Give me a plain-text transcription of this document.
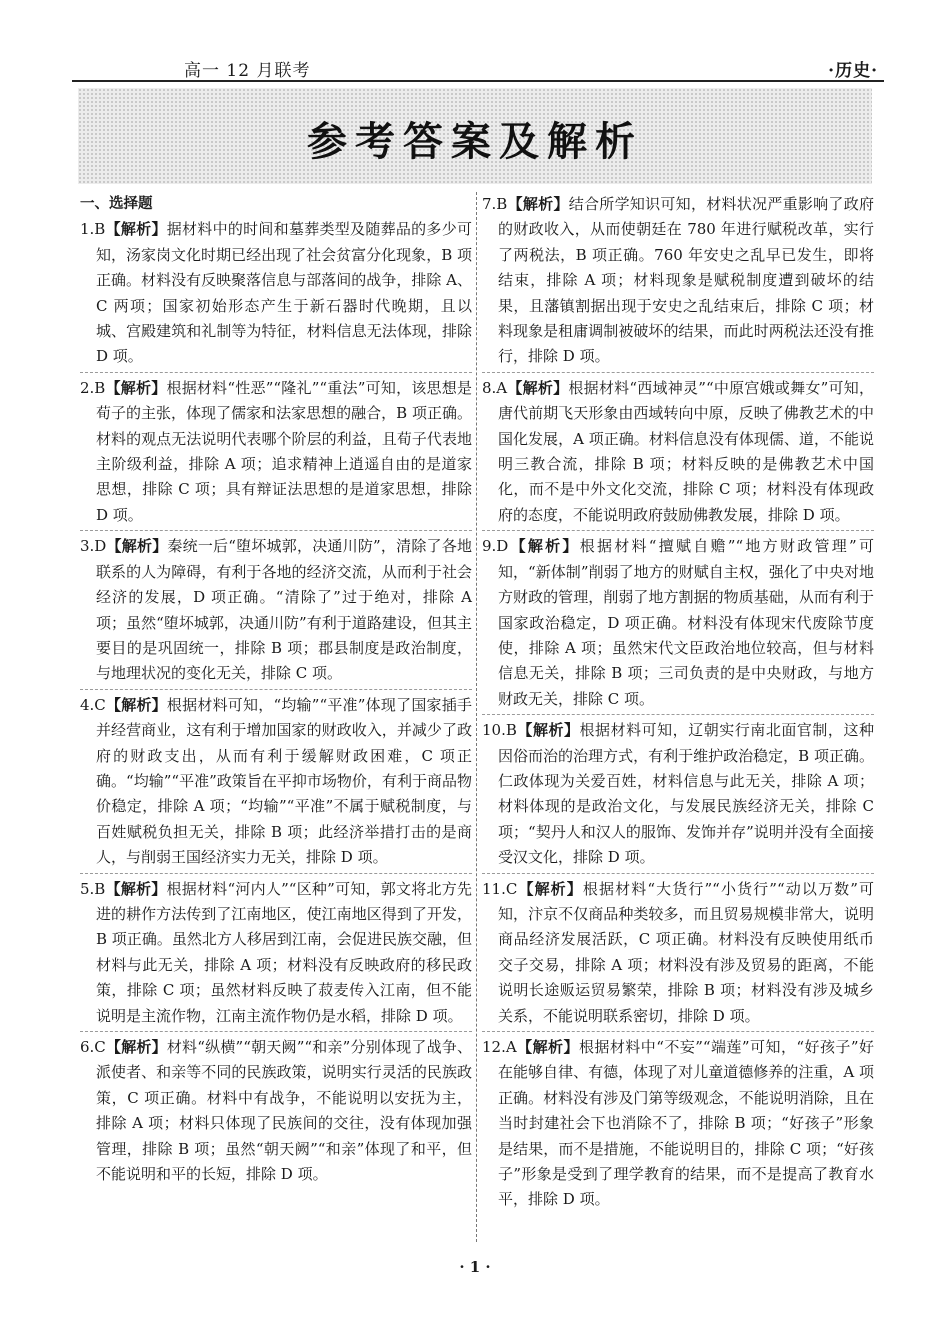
高一 12 月联考	·历史·
参考答案及解析
一、选择题
1.B【解析】据材料中的时间和墓葬类型及随葬品的多少可知，汤家岗文化时期已经出现了社会贫富分化现象，B 项正确。材料没有反映聚落信息与部落间的战争，排除 A、C 两项；国家初始形态产生于新石器时代晚期，且以城、宫殿建筑和礼制等为特征，材料信息无法体现，排除 D 项。
2.B【解析】根据材料“性恶”“隆礼”“重法”可知，该思想是荀子的主张，体现了儒家和法家思想的融合，B 项正确。材料的观点无法说明代表哪个阶层的利益，且荀子代表地主阶级利益，排除 A 项；追求精神上逍遥自由的是道家思想，排除 C 项；具有辩证法思想的是道家思想，排除 D 项。
3.D【解析】秦统一后“堕坏城郭，决通川防”，清除了各地联系的人为障碍，有利于各地的经济交流，从而利于社会经济的发展，D 项正确。“清除了”过于绝对，排除 A 项；虽然“堕坏城郭，决通川防”有利于道路建设，但其主要目的是巩固统一，排除 B 项；郡县制度是政治制度，与地理状况的变化无关，排除 C 项。
4.C【解析】根据材料可知，“均输”“平准”体现了国家插手并经营商业，这有利于增加国家的财政收入，并减少了政府的财政支出，从而有利于缓解财政困难，C 项正确。“均输”“平准”政策旨在平抑市场物价，有利于商品物价稳定，排除 A 项；“均输”“平准”不属于赋税制度，与百姓赋税负担无关，排除 B 项；此经济举措打击的是商人，与削弱王国经济实力无关，排除 D 项。
5.B【解析】根据材料“河内人”“区种”可知，郭文将北方先进的耕作方法传到了江南地区，使江南地区得到了开发，B 项正确。虽然北方人移居到江南，会促进民族交融，但材料与此无关，排除 A 项；材料没有反映政府的移民政策，排除 C 项；虽然材料反映了菽麦传入江南，但不能说明是主流作物，江南主流作物仍是水稻，排除 D 项。
6.C【解析】材料“纵横”“朝天阙”“和亲”分别体现了战争、派使者、和亲等不同的民族政策，说明实行灵活的民族政策，C 项正确。材料中有战争，不能说明以安抚为主，排除 A 项；材料只体现了民族间的交往，没有体现加强管理，排除 B 项；虽然“朝天阙”“和亲”体现了和平，但不能说明和平的长短，排除 D 项。
7.B【解析】结合所学知识可知，材料状况严重影响了政府的财政收入，从而使朝廷在 780 年进行赋税改革，实行了两税法，B 项正确。760 年安史之乱早已发生，即将结束，排除 A 项；材料现象是赋税制度遭到破坏的结果，且藩镇割据出现于安史之乱结束后，排除 C 项；材料现象是租庸调制被破坏的结果，而此时两税法还没有推行，排除 D 项。
8.A【解析】根据材料“西域神灵”“中原宫娥或舞女”可知，唐代前期飞天形象由西域转向中原，反映了佛教艺术的中国化发展，A 项正确。材料信息没有体现儒、道，不能说明三教合流，排除 B 项；材料反映的是佛教艺术中国化，而不是中外文化交流，排除 C 项；材料没有体现政府的态度，不能说明政府鼓励佛教发展，排除 D 项。
9.D【解析】根据材料“擅赋自赡”“地方财政管理”可知，“新体制”削弱了地方的财赋自主权，强化了中央对地方财政的管理，削弱了地方割据的物质基础，从而有利于国家政治稳定，D 项正确。材料没有体现宋代废除节度使，排除 A 项；虽然宋代文臣政治地位较高，但与材料信息无关，排除 B 项；三司负责的是中央财政，与地方财政无关，排除 C 项。
10.B【解析】根据材料可知，辽朝实行南北面官制，这种因俗而治的治理方式，有利于维护政治稳定，B 项正确。仁政体现为关爱百姓，材料信息与此无关，排除 A 项；材料体现的是政治文化，与发展民族经济无关，排除 C 项；“契丹人和汉人的服饰、发饰并存”说明并没有全面接受汉文化，排除 D 项。
11.C【解析】根据材料“大货行”“小货行”“动以万数”可知，汴京不仅商品种类较多，而且贸易规模非常大，说明商品经济发展活跃，C 项正确。材料没有反映使用纸币交子交易，排除 A 项；材料没有涉及贸易的距离，不能说明长途贩运贸易繁荣，排除 B 项；材料没有涉及城乡关系，不能说明联系密切，排除 D 项。
12.A【解析】根据材料中“不妄”“端莲”可知，“好孩子”好在能够自律、有德，体现了对儿童道德修养的注重，A 项正确。材料没有涉及门第等级观念，不能说明消除，且在当时封建社会下也消除不了，排除 B 项；“好孩子”形象是结果，而不是措施，不能说明目的，排除 C 项；“好孩子”形象是受到了理学教育的结果，而不是提高了教育水平，排除 D 项。
· 1 ·
